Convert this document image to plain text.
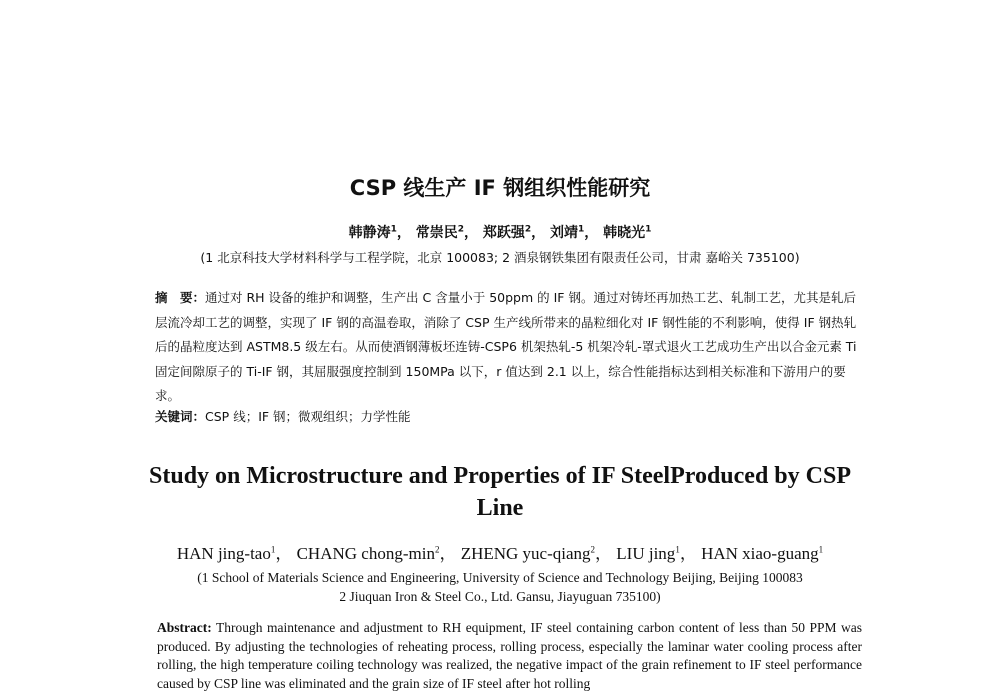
CSP 线生产 IF 钢组织性能研究
韩静涛$^1$， 常崇民$^2$， 郑跃强$^2$， 刘靖$^1$， 韩晓光$^1$
(1 北京科技大学材料科学与工程学院，北京 100083; 2 酒泉钢铁集团有限责任公司，甘肃 嘉峪关 735100)
摘　要：通过对 RH 设备的维护和调整，生产出 C 含量小于 50ppm 的 IF 钢。通过对铸坯再加热工艺、轧制工艺，尤其是轧后层流冷却工艺的调整，实现了 IF 钢的高温卷取，消除了 CSP 生产线所带来的晶粒细化对 IF 钢性能的不利影响，使得 IF 钢热轧后的晶粒度达到 ASTM8.5 级左右。从而使酒钢薄板坯连铸-CSP6 机架热轧-5 机架冷轧-罩式退火工艺成功生产出以合金元素 Ti 固定间隙原子的 Ti-IF 钢，其屈服强度控制到 150MPa 以下，r 值达到 2.1 以上，综合性能指标达到相关标准和下游用户的要求。
关键词：CSP 线；IF 钢；微观组织；力学性能
Study on Microstructure and Properties of IF SteelProduced by CSP Line
HAN jing-tao$^1$， CHANG chong-$\min^2$， ZHENG yuc-qiang$^2$， LIU jing$^1$， HAN xiao-guang$^1$
(1 School of Materials Science and Engineering, University of Science and Technology Beijing, Beijing 100083
2 Jiuquan Iron & Steel Co., Ltd. Gansu, Jiayuguan 735100)
Abstract: Through maintenance and adjustment to RH equipment, IF steel containing carbon content of less than 50 PPM was produced. By adjusting the technologies of reheating process, rolling process, especially the laminar water cooling process after rolling, the high temperature coiling technology was realized, the negative impact of the grain refinement to IF steel performance caused by CSP line was eliminated and the grain size of IF steel after hot rolling
